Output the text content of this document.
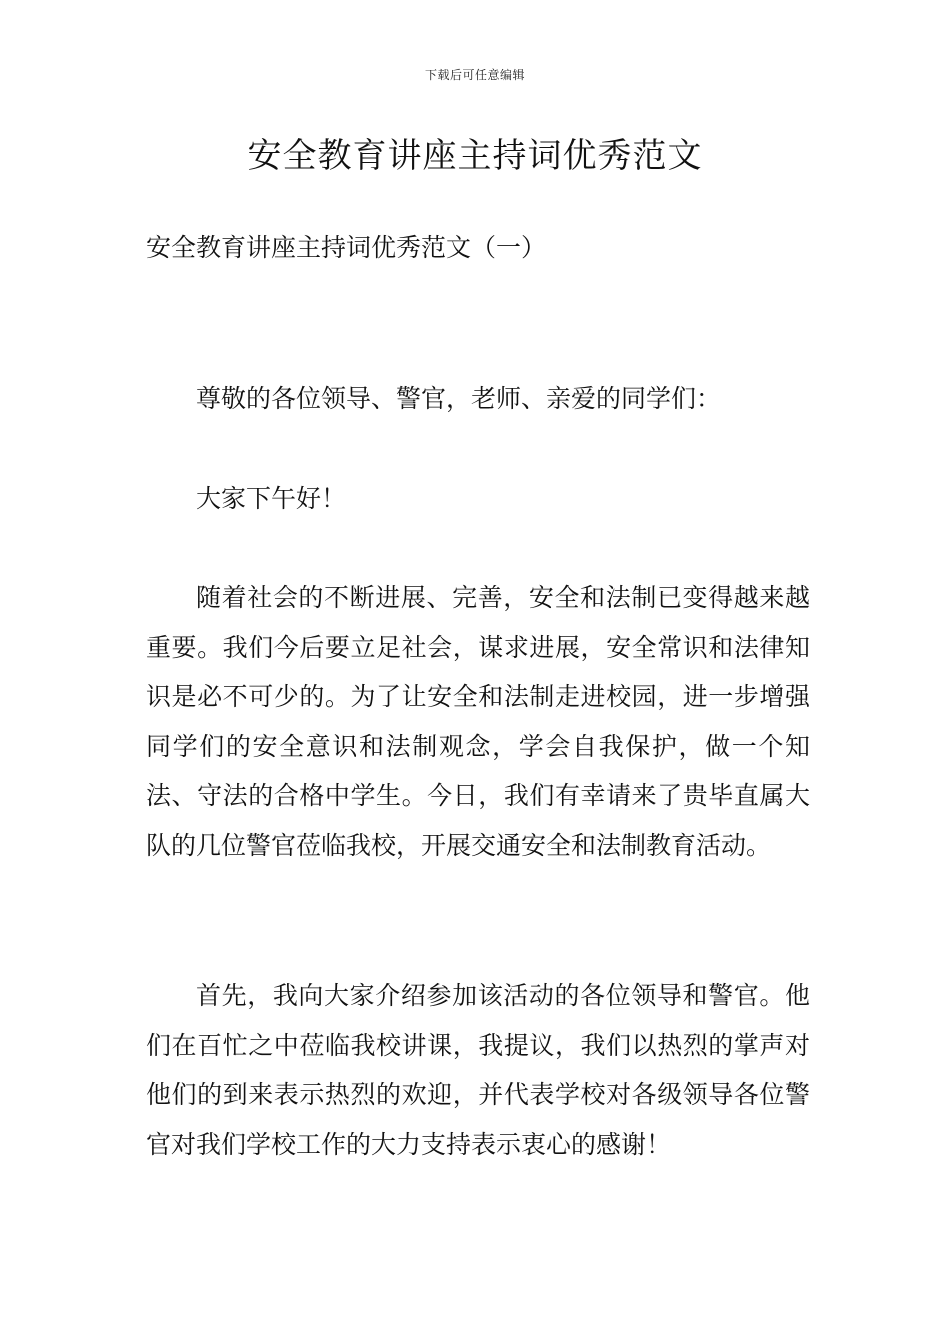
下载后可任意编辑
安全教育讲座主持词优秀范文

安全教育讲座主持词优秀范文（一）

尊敬的各位领导、警官，老师、亲爱的同学们：

大家下午好！

随着社会的不断进展、完善，安全和法制已变得越来越重要。我们今后要立足社会，谋求进展，安全常识和法律知识是必不可少的。为了让安全和法制走进校园，进一步增强同学们的安全意识和法制观念，学会自我保护，做一个知法、守法的合格中学生。今日，我们有幸请来了贵毕直属大队的几位警官莅临我校，开展交通安全和法制教育活动。

首先，我向大家介绍参加该活动的各位领导和警官。他们在百忙之中莅临我校讲课，我提议，我们以热烈的掌声对他们的到来表示热烈的欢迎，并代表学校对各级领导各位警官对我们学校工作的大力支持表示衷心的感谢！
